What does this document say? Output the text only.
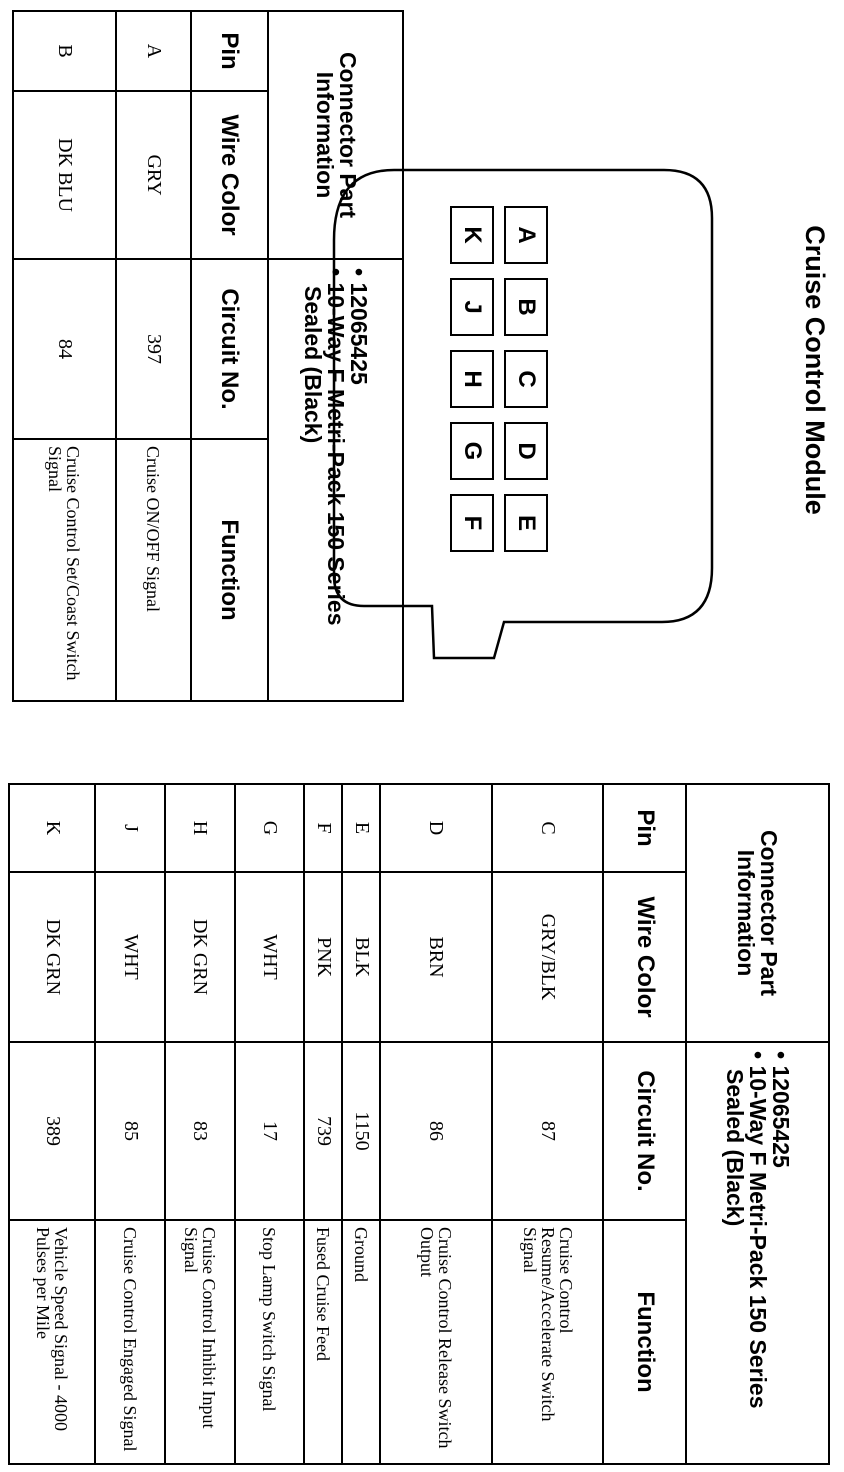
Cruise Control Module
A
B
C
D
E
K
J
H
G
F
Connector Part Information		• 12065425
• 10-Way F Metri-Pack 150 Series Sealed (Black)	

Pin	Wire Color	Circuit No.	Function
A	GRY	397	Cruise ON/OFF Signal
B	DK BLU	84	Cruise Control Set/Coast Switch Signal
Connector Part Information		• 12065425
• 10-Way F Metri-Pack 150 Series Sealed (Black)	

Pin	Wire Color	Circuit No.	Function
C	GRY/BLK	87	Cruise Control Resume/Accelerate Switch Signal
D	BRN	86	Cruise Control Release Switch Output
E	BLK	1150	Ground
F	PNK	739	Fused Cruise Feed
G	WHT	17	Stop Lamp Switch Signal
H	DK GRN	83	Cruise Control Inhibit Input Signal
J	WHT	85	Cruise Control Engaged Signal
K	DK GRN	389	Vehicle Speed Signal - 4000 Pulses per Mile
